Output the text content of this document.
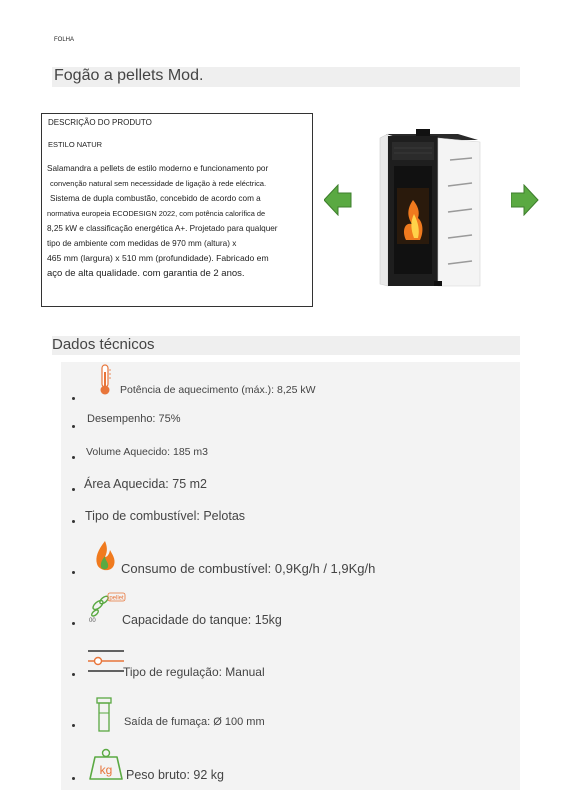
FOLHA
Fogão a pellets Mod.
DESCRIÇÃO DO PRODUTO
ESTILO NATUR
Salamandra a pellets de estilo moderno e funcionamento por
convenção natural sem necessidade de ligação à rede eléctrica.
Sistema de dupla combustão, concebido de acordo com a
normativa europeia ECODESIGN 2022, com potência calorífica de
8,25 kW e classificação energética A+. Projetado para qualquer
tipo de ambiente com medidas de 970 mm (altura) x
465 mm (largura) x 510 mm (profundidade). Fabricado em
aço de alta qualidade. com garantia de 2 anos.
Dados técnicos
Potência de aquecimento (máx.): 8,25 kW
Desempenho: 75%
Volume Aquecido: 185 m3
Área Aquecida: 75 m2
Tipo de combustível: Pelotas
Consumo de combustível: 0,9Kg/h / 1,9Kg/h
pellet
00 Capacidade do tanque: 15kg
Tipo de regulação: Manual
Saída de fumaça: Ø 100 mm
kg Peso bruto: 92 kg
